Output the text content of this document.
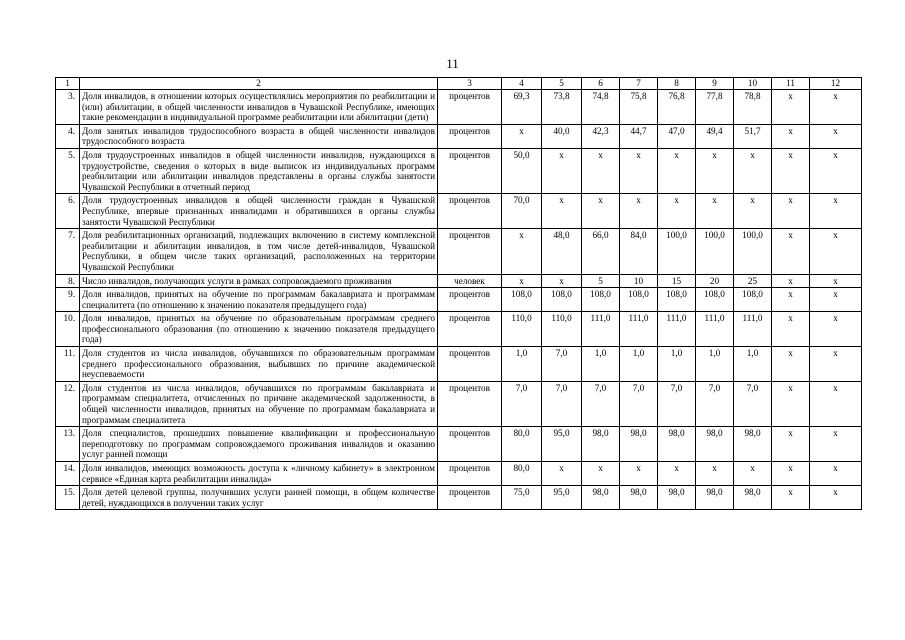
11
1	2	3	4	5	6	7	8	9	10	11	12
3.	Доля инвалидов, в отношении которых осуществлялись мероприятия по реабилитации и (или) абилитации, в общей численности инвалидов в Чувашской Республике, имеющих такие рекомендации в индивидуальной программе реабилитации или абилитации (дети)	процентов	69,3	73,8	74,8	75,8	76,8	77,8	78,8	х	х
4.	Доля занятых инвалидов трудоспособного возраста в общей численности инвалидов трудоспособного возраста	процентов	х	40,0	42,3	44,7	47,0	49,4	51,7	х	х
5.	Доля трудоустроенных инвалидов в общей численности инвалидов, нуждающихся в трудоустройстве, сведения о которых в виде выписок из индивидуальных программ реабилитации или абилитации инвалидов представлены в органы службы занятости Чувашской Республики в отчетный период	процентов	50,0	х	х	х	х	х	х	х	х
6.	Доля трудоустроенных инвалидов в общей численности граждан в Чувашской Республике, впервые признанных инвалидами и обратившихся в органы службы занятости Чувашской Республики	процентов	70,0	х	х	х	х	х	х	х	х
7.	Доля реабилитационных организаций, подлежащих включению в систему комплексной реабилитации и абилитации инвалидов, в том числе детей-инвалидов, Чувашской Республики, в общем числе таких организаций, расположенных на территории Чувашской Республики	процентов	х	48,0	66,0	84,0	100,0	100,0	100,0	х	х
8.	Число инвалидов, получающих услуги в рамках сопровождаемого проживания	человек	х	х	5	10	15	20	25	х	х
9.	Доля инвалидов, принятых на обучение по программам бакалавриата и программам специалитета (по отношению к значению показателя предыдущего года)	процентов	108,0	108,0	108,0	108,0	108,0	108,0	108,0	х	х
10.	Доля инвалидов, принятых на обучение по образовательным программам среднего профессионального образования (по отношению к значению показателя предыдущего года)	процентов	110,0	110,0	111,0	111,0	111,0	111,0	111,0	х	х
11.	Доля студентов из числа инвалидов, обучавшихся по образовательным программам среднего профессионального образования, выбывших по причине академической неуспеваемости	процентов	1,0	7,0	1,0	1,0	1,0	1,0	1,0	х	х
12.	Доля студентов из числа инвалидов, обучавшихся по программам бакалавриата и программам специалитета, отчисленных по причине академической задолженности, в общей численности инвалидов, принятых на обучение по программам бакалавриата и программам специалитета	процентов	7,0	7,0	7,0	7,0	7,0	7,0	7,0	х	х
13.	Доля специалистов, прошедших повышение квалификации и профессиональную переподготовку по программам сопровождаемого проживания инвалидов и оказанию услуг ранней помощи	процентов	80,0	95,0	98,0	98,0	98,0	98,0	98,0	х	х
14.	Доля инвалидов, имеющих возможность доступа к «личному кабинету» в электронном сервисе «Единая карта реабилитации инвалида»	процентов	80,0	х	х	х	х	х	х	х	х
15.	Доля детей целевой группы, получивших услуги ранней помощи, в общем количестве детей, нуждающихся в получении таких услуг	процентов	75,0	95,0	98,0	98,0	98,0	98,0	98,0	х	х
